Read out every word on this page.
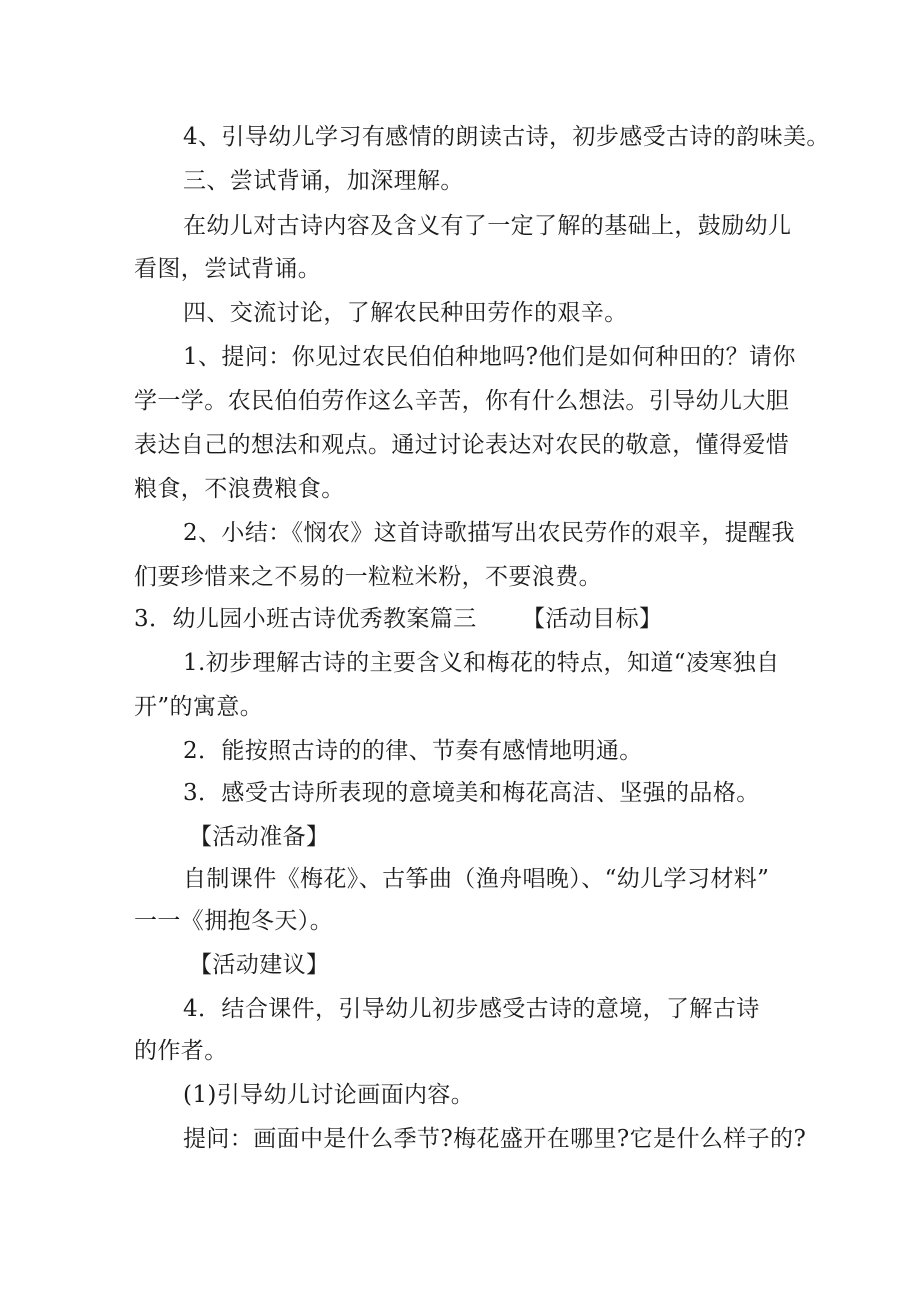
4、引导幼儿学习有感情的朗读古诗，初步感受古诗的韵味美。
三、尝试背诵，加深理解。
在幼儿对古诗内容及含义有了一定了解的基础上，鼓励幼儿
看图，尝试背诵。
四、交流讨论，了解农民种田劳作的艰辛。
1、提问：你见过农民伯伯种地吗?他们是如何种田的？请你
学一学。农民伯伯劳作这么辛苦，你有什么想法。引导幼儿大胆
表达自己的想法和观点。通过讨论表达对农民的敬意，懂得爱惜
粮食，不浪费粮食。
2、小结：《悯农》这首诗歌描写出农民劳作的艰辛，提醒我
们要珍惜来之不易的一粒粒米粉，不要浪费。
3．幼儿园小班古诗优秀教案篇三 【活动目标】
1.初步理解古诗的主要含义和梅花的特点，知道“凌寒独自
开”的寓意。
2．能按照古诗的的律、节奏有感情地明通。
3．感受古诗所表现的意境美和梅花高洁、坚强的品格。
【活动准备】
自制课件《梅花》、古筝曲（渔舟唱晚）、“幼儿学习材料”
一一《拥抱冬天）。
【活动建议】
4．结合课件，引导幼儿初步感受古诗的意境，了解古诗
的作者。
(1)引导幼儿讨论画面内容。
提问：画面中是什么季节?梅花盛开在哪里?它是什么样子的?
